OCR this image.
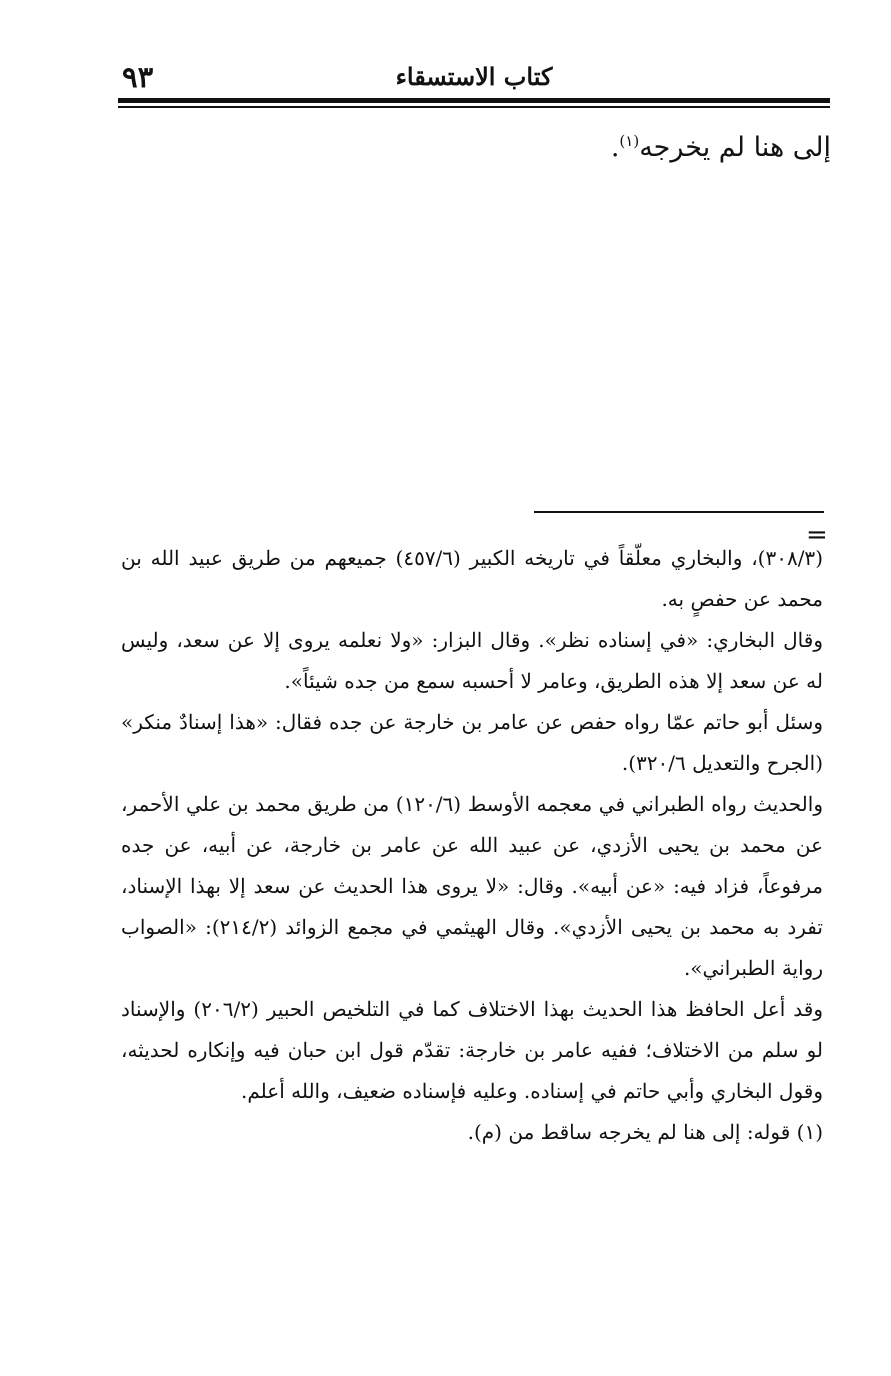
٩٣	كتاب الاستسقاء
إلى هنا لم يخرجه$^{(١)}$.
=

(٣٠٨/٣)، والبخاري معلّقاً في تاريخه الكبير (٤٥٧/٦) جميعهم من طريق عبيد الله بن محمد عن حفصٍ به.

وقال البخاري: «في إسناده نظر». وقال البزار: «ولا نعلمه يروى إلا عن سعد، وليس له عن سعد إلا هذه الطريق، وعامر لا أحسبه سمع من جده شيئاً».

وسئل أبو حاتم عمّا رواه حفص عن عامر بن خارجة عن جده فقال: «هذا إسنادٌ منكر» (الجرح والتعديل ٣٢٠/٦).

والحديث رواه الطبراني في معجمه الأوسط (١٢٠/٦) من طريق محمد بن علي الأحمر، عن محمد بن يحيى الأزدي، عن عبيد الله عن عامر بن خارجة، عن أبيه، عن جده مرفوعاً، فزاد فيه: «عن أبيه». وقال: «لا يروى هذا الحديث عن سعد إلا بهذا الإسناد، تفرد به محمد بن يحيى الأزدي». وقال الهيثمي في مجمع الزوائد (٢١٤/٢): «الصواب رواية الطبراني».

وقد أعل الحافظ هذا الحديث بهذا الاختلاف كما في التلخيص الحبير (٢٠٦/٢) والإسناد لو سلم من الاختلاف؛ ففيه عامر بن خارجة: تقدّم قول ابن حبان فيه وإنكاره لحديثه، وقول البخاري وأبي حاتم في إسناده. وعليه فإسناده ضعيف، والله أعلم.

(١) قوله: إلى هنا لم يخرجه ساقط من (م).
